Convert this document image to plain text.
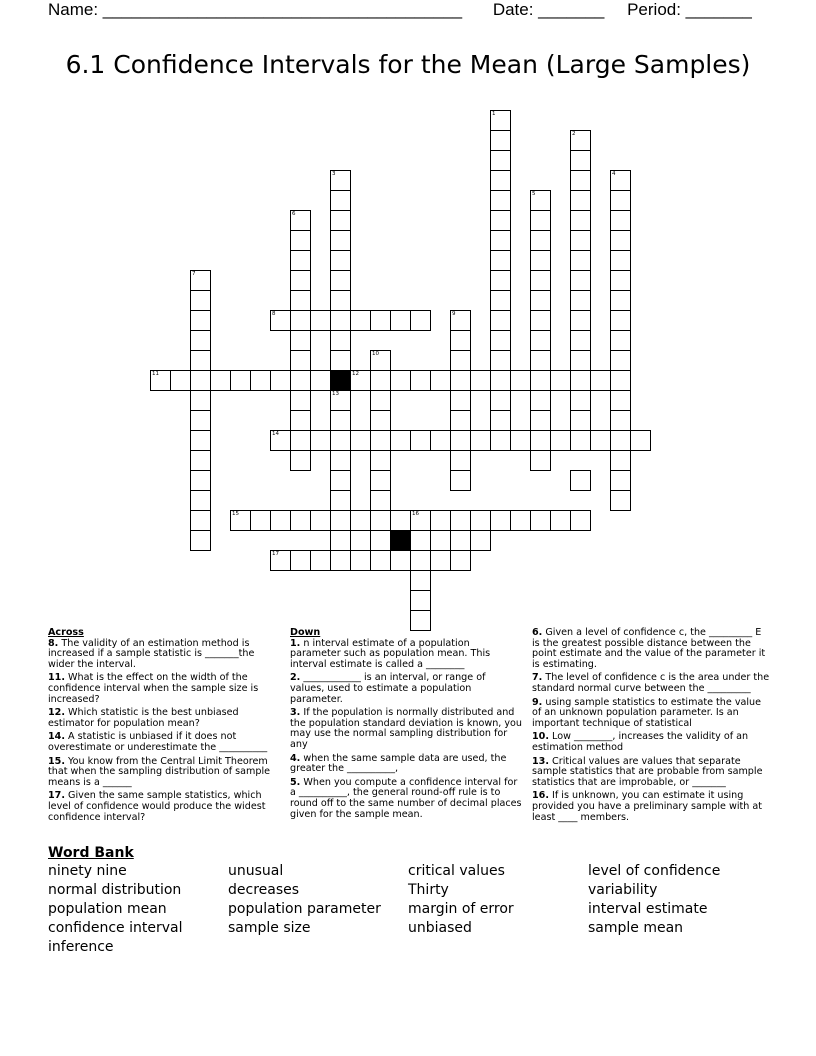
Name: ______________________________________ Date: _______ Period: _______
6.1 Confidence Intervals for the Mean (Large Samples)
1
2
3
13
4
5
6
7
8	9
10
11	12
14
15	16
17
Across
8. The validity of an estimation method is increased if a sample statistic is _______the wider the interval.
11. What is the effect on the width of the confidence interval when the sample size is increased?
12. Which statistic is the best unbiased estimator for population mean?
14. A statistic is unbiased if it does not overestimate or underestimate the __________
15. You know from the Central Limit Theorem that when the sampling distribution of sample means is a ______
17. Given the same sample statistics, which level of confidence would produce the widest confidence interval?
Down
1. n interval estimate of a population parameter such as population mean. This interval estimate is called a ________
2. ____________ is an interval, or range of values, used to estimate a population parameter.
3. If the population is normally distributed and the population standard deviation is known, you may use the normal sampling distribution for any
4. when the same sample data are used, the greater the __________,
5. When you compute a confidence interval for a __________, the general round-off rule is to round off to the same number of decimal places given for the sample mean.
6. Given a level of confidence c, the _________ E is the greatest possible distance between the point estimate and the value of the parameter it is estimating.
7. The level of confidence c is the area under the standard normal curve between the _________
9. using sample statistics to estimate the value of an unknown population parameter. Is an important technique of statistical
10. Low ________, increases the validity of an estimation method
13. Critical values are values that separate sample statistics that are probable from sample statistics that are improbable, or _______
16. If is unknown, you can estimate it using provided you have a preliminary sample with at least ____ members.
Word Bank
ninety nine
normal distribution
population mean
confidence interval
inference
unusual
decreases
population parameter
sample size
critical values
Thirty
margin of error
unbiased
level of confidence
variability
interval estimate
sample mean
